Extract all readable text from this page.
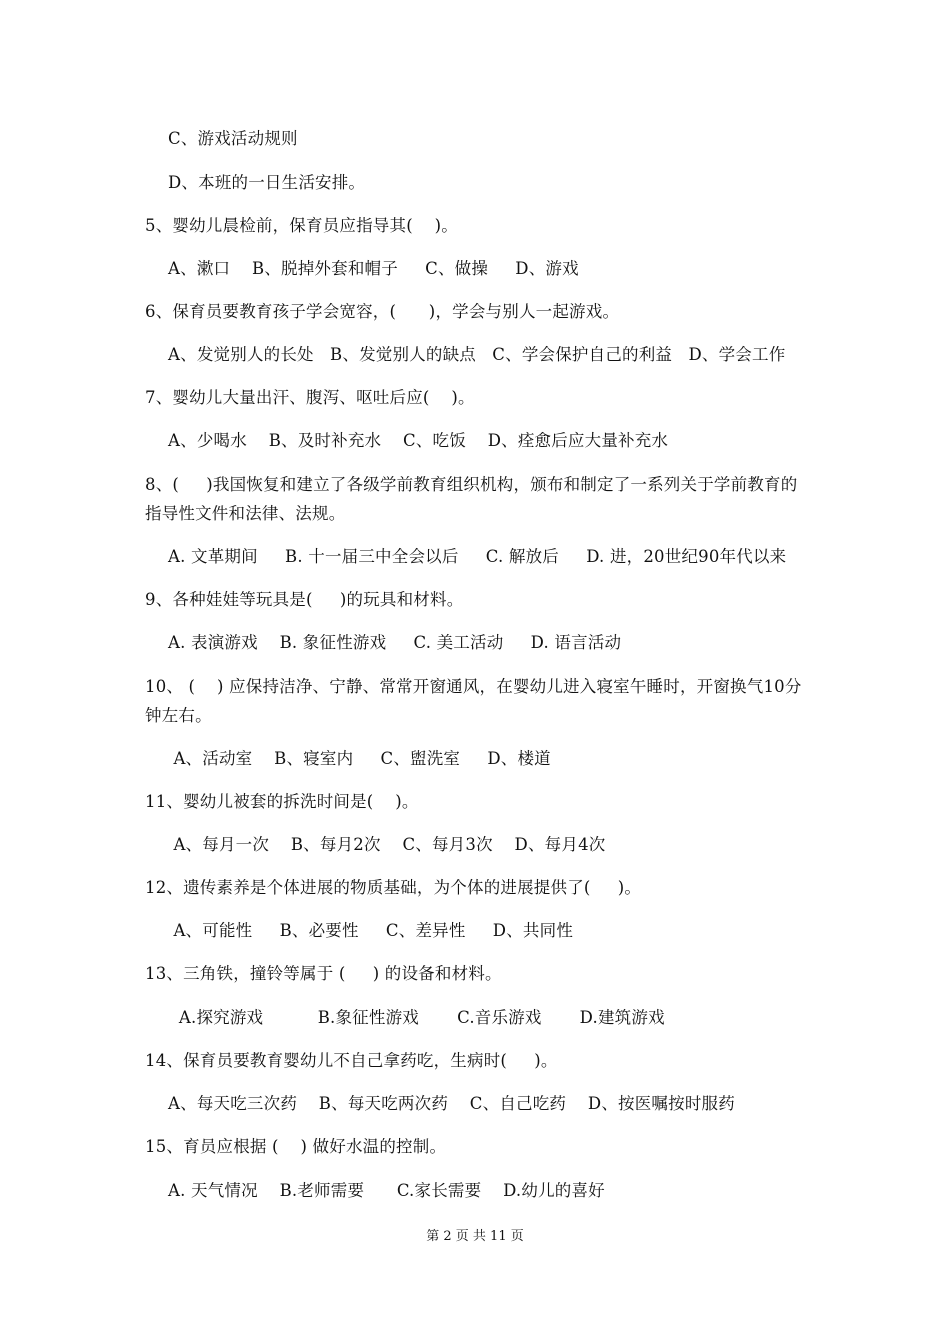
C、游戏活动规则
D、本班的一日生活安排。
5、婴幼儿晨检前，保育员应指导其(    )。
A、漱口    B、脱掉外套和帽子     C、做操     D、游戏
6、保育员要教育孩子学会宽容，(      )，学会与别人一起游戏。
A、发觉别人的长处   B、发觉别人的缺点   C、学会保护自己的利益   D、学会工作
7、婴幼儿大量出汗、腹泻、呕吐后应(    )。
A、少喝水    B、及时补充水    C、吃饭    D、痊愈后应大量补充水
8、(     )我国恢复和建立了各级学前教育组织机构，颁布和制定了一系列关于学前教育的
指导性文件和法律、法规。
A. 文革期间     B. 十一届三中全会以后     C. 解放后     D. 进，20世纪90年代以来
9、各种娃娃等玩具是(     )的玩具和材料。
A. 表演游戏    B. 象征性游戏     C. 美工活动     D. 语言活动
10、 (    ) 应保持洁净、宁静、常常开窗通风，在婴幼儿进入寝室午睡时，开窗换气10分
钟左右。
A、活动室    B、寝室内     C、盥洗室     D、楼道
11、婴幼儿被套的拆洗时间是(    )。
A、每月一次    B、每月2次    C、每月3次    D、每月4次
12、遗传素养是个体进展的物质基础，为个体的进展提供了(     )。
A、可能性     B、必要性     C、差异性     D、共同性
13、三角铁，撞铃等属于 (     ) 的设备和材料。
A.探究游戏          B.象征性游戏       C.音乐游戏       D.建筑游戏
14、保育员要教育婴幼儿不自己拿药吃，生病时(     )。
A、每天吃三次药    B、每天吃两次药    C、自己吃药    D、按医嘱按时服药
15、育员应根据 (    ) 做好水温的控制。
A. 天气情况    B.老师需要      C.家长需要    D.幼儿的喜好
第 2 页 共 11 页
